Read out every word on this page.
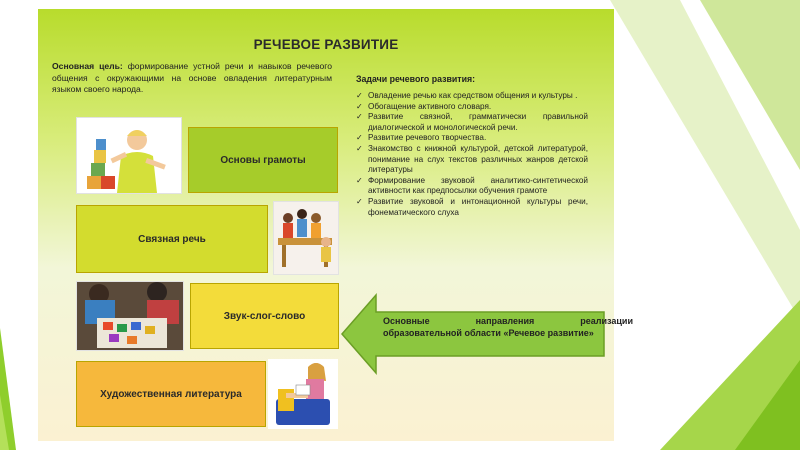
РЕЧЕВОЕ РАЗВИТИЕ
Основная цель: формирование устной речи и навыков речевого общения с окружающими на основе овладения литературным языком своего народа.
Задачи речевого развития:
✓ Овладение речью как средством общения и культуры .
✓ Обогащение активного словаря.
✓ Развитие связной, грамматически правильной диалогической и монологической речи.
✓ Развитие речевого творчества.
✓ Знакомство с книжной культурой, детской литературой, понимание на слух текстов различных жанров детской литературы
✓ Формирование звуковой аналитико-синтетической активности как предпосылки обучения грамоте
✓ Развитие звуковой и интонационной культуры речи, фонематического слуха
Основы грамоты
Связная речь
Звук-слог-слово
Художественная литература
Основные	направления	реализации
образовательной области «Речевое развитие»
